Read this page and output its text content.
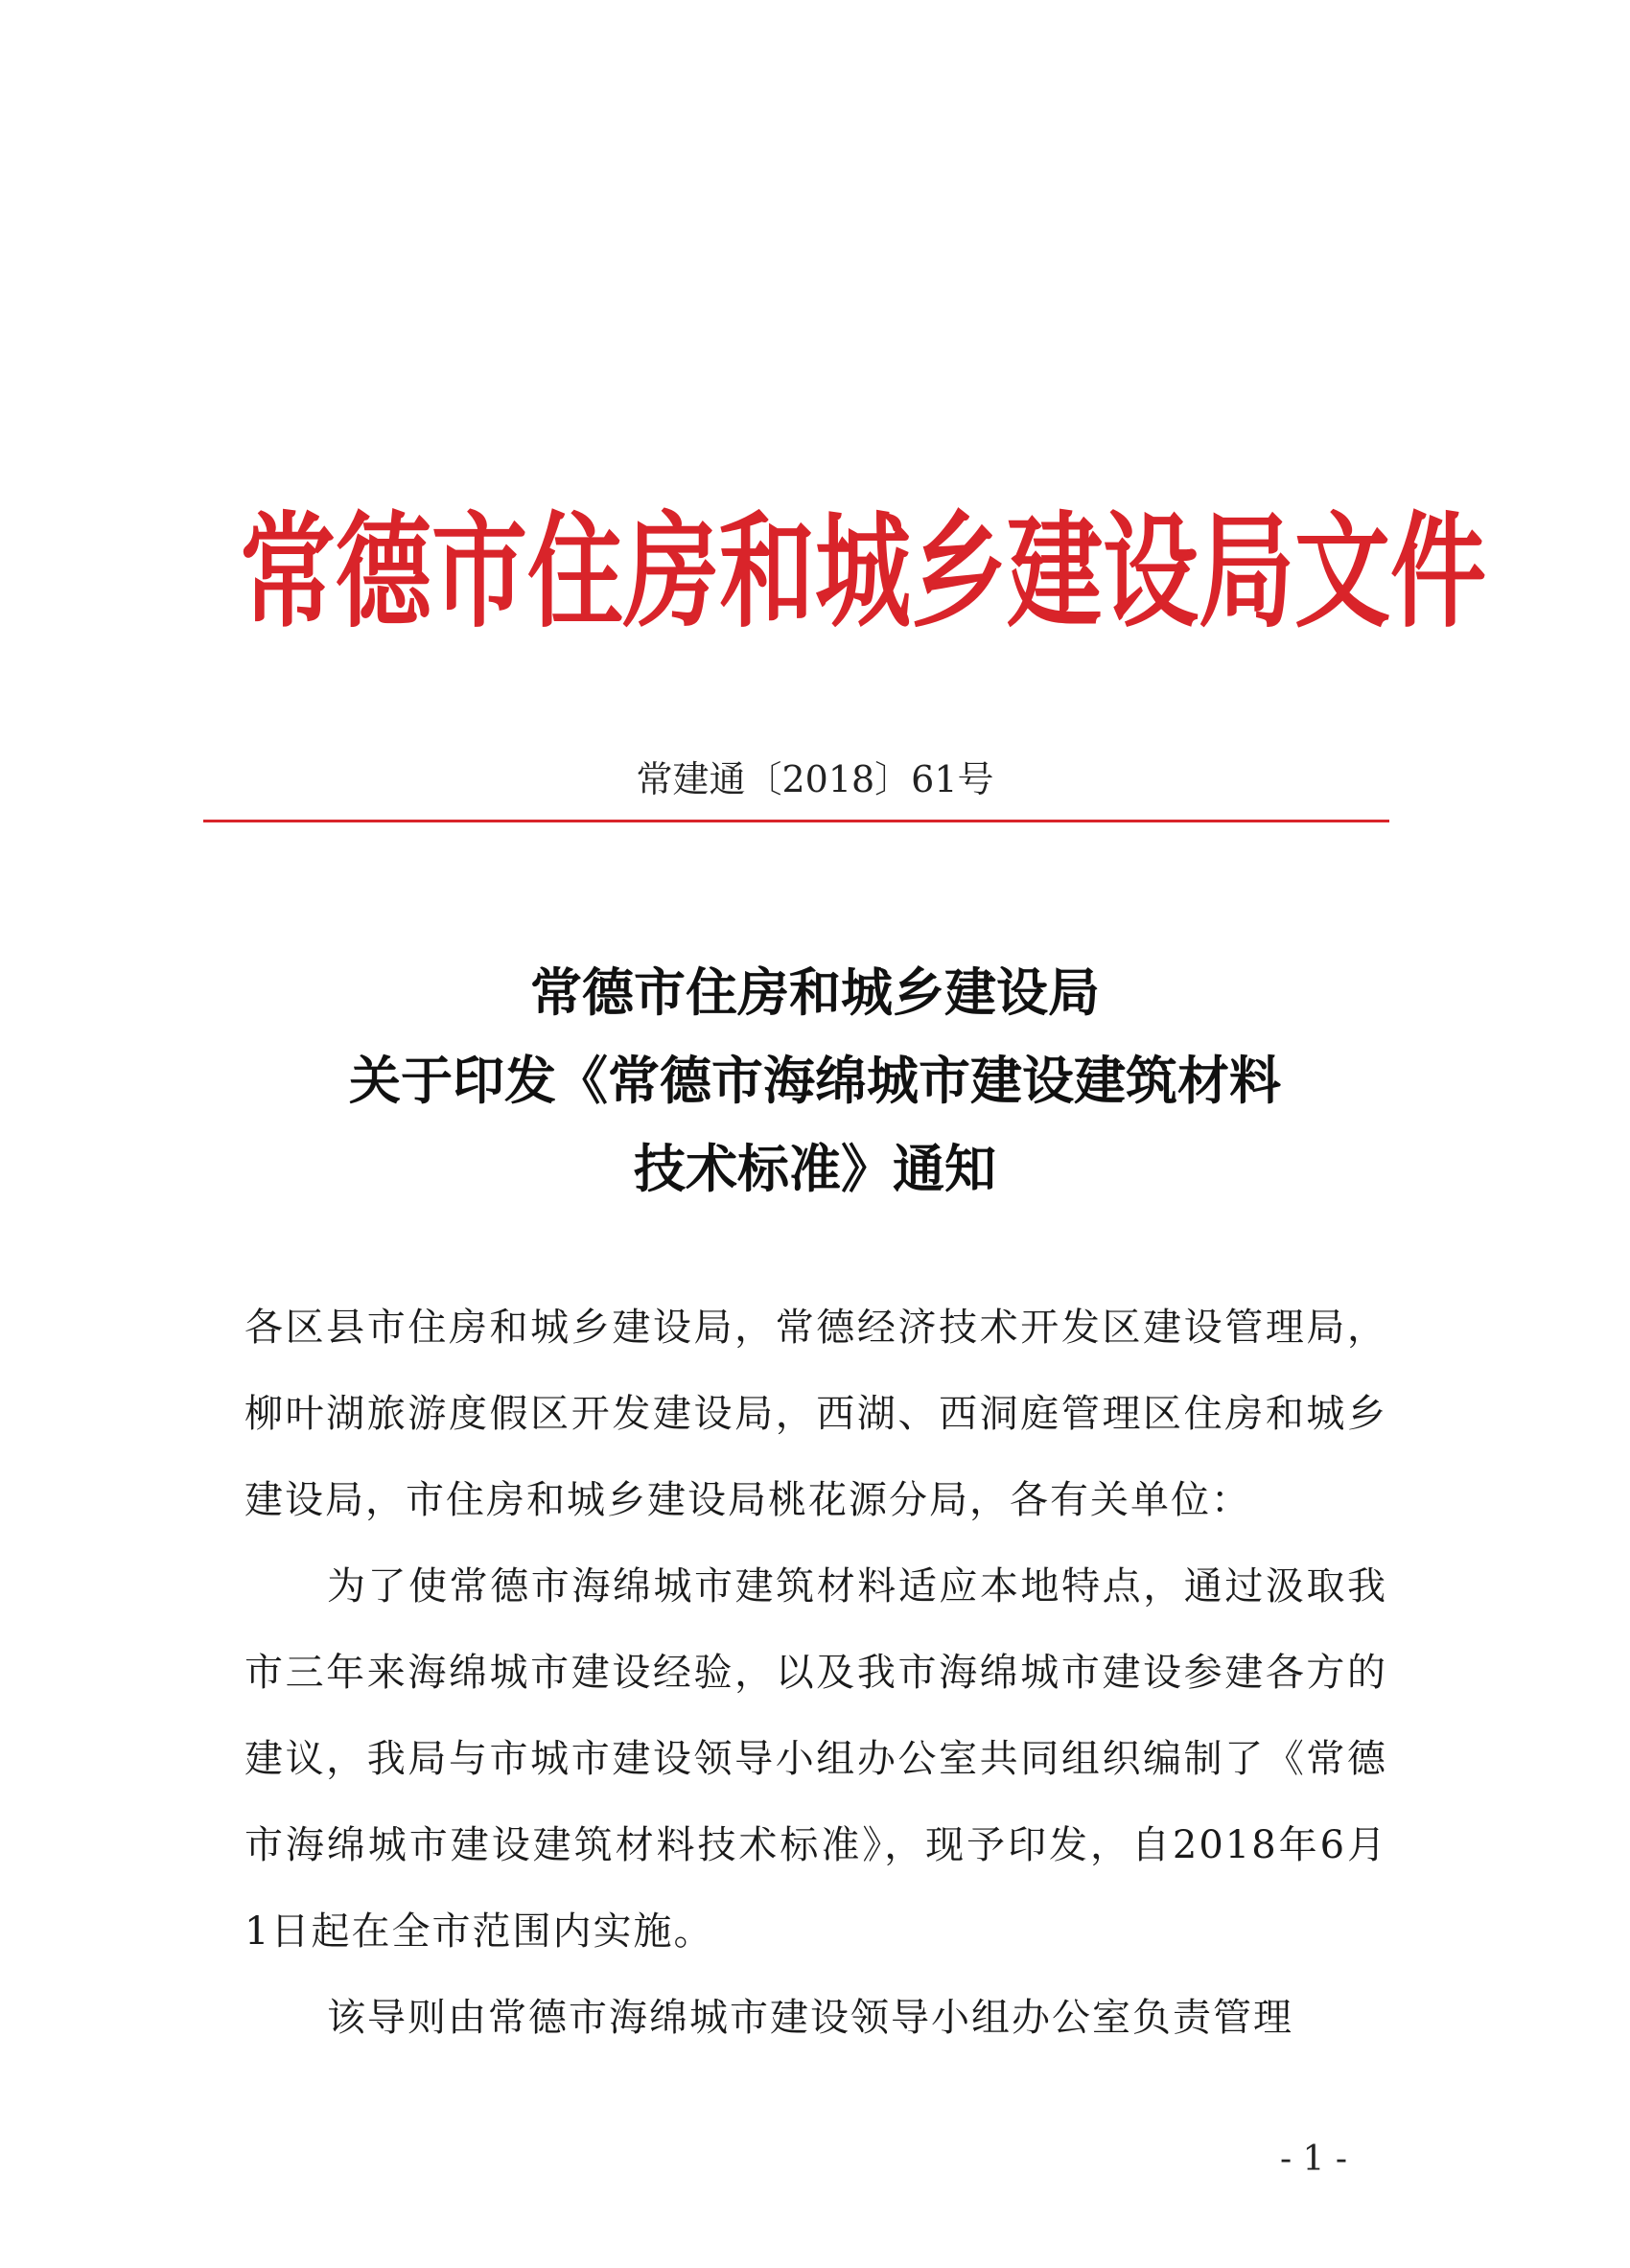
常德市住房和城乡建设局文件
常建通〔2018〕61号
常德市住房和城乡建设局
关于印发《常德市海绵城市建设建筑材料
技术标准》通知

各区县市住房和城乡建设局，常德经济技术开发区建设管理局，柳叶湖旅游度假区开发建设局，西湖、西洞庭管理区住房和城乡建设局，市住房和城乡建设局桃花源分局，各有关单位：

为了使常德市海绵城市建筑材料适应本地特点，通过汲取我市三年来海绵城市建设经验，以及我市海绵城市建设参建各方的建议，我局与市城市建设领导小组办公室共同组织编制了《常德市海绵城市建设建筑材料技术标准》，现予印发，自2018年6月1日起在全市范围内实施。

该导则由常德市海绵城市建设领导小组办公室负责管理

- 1 -
